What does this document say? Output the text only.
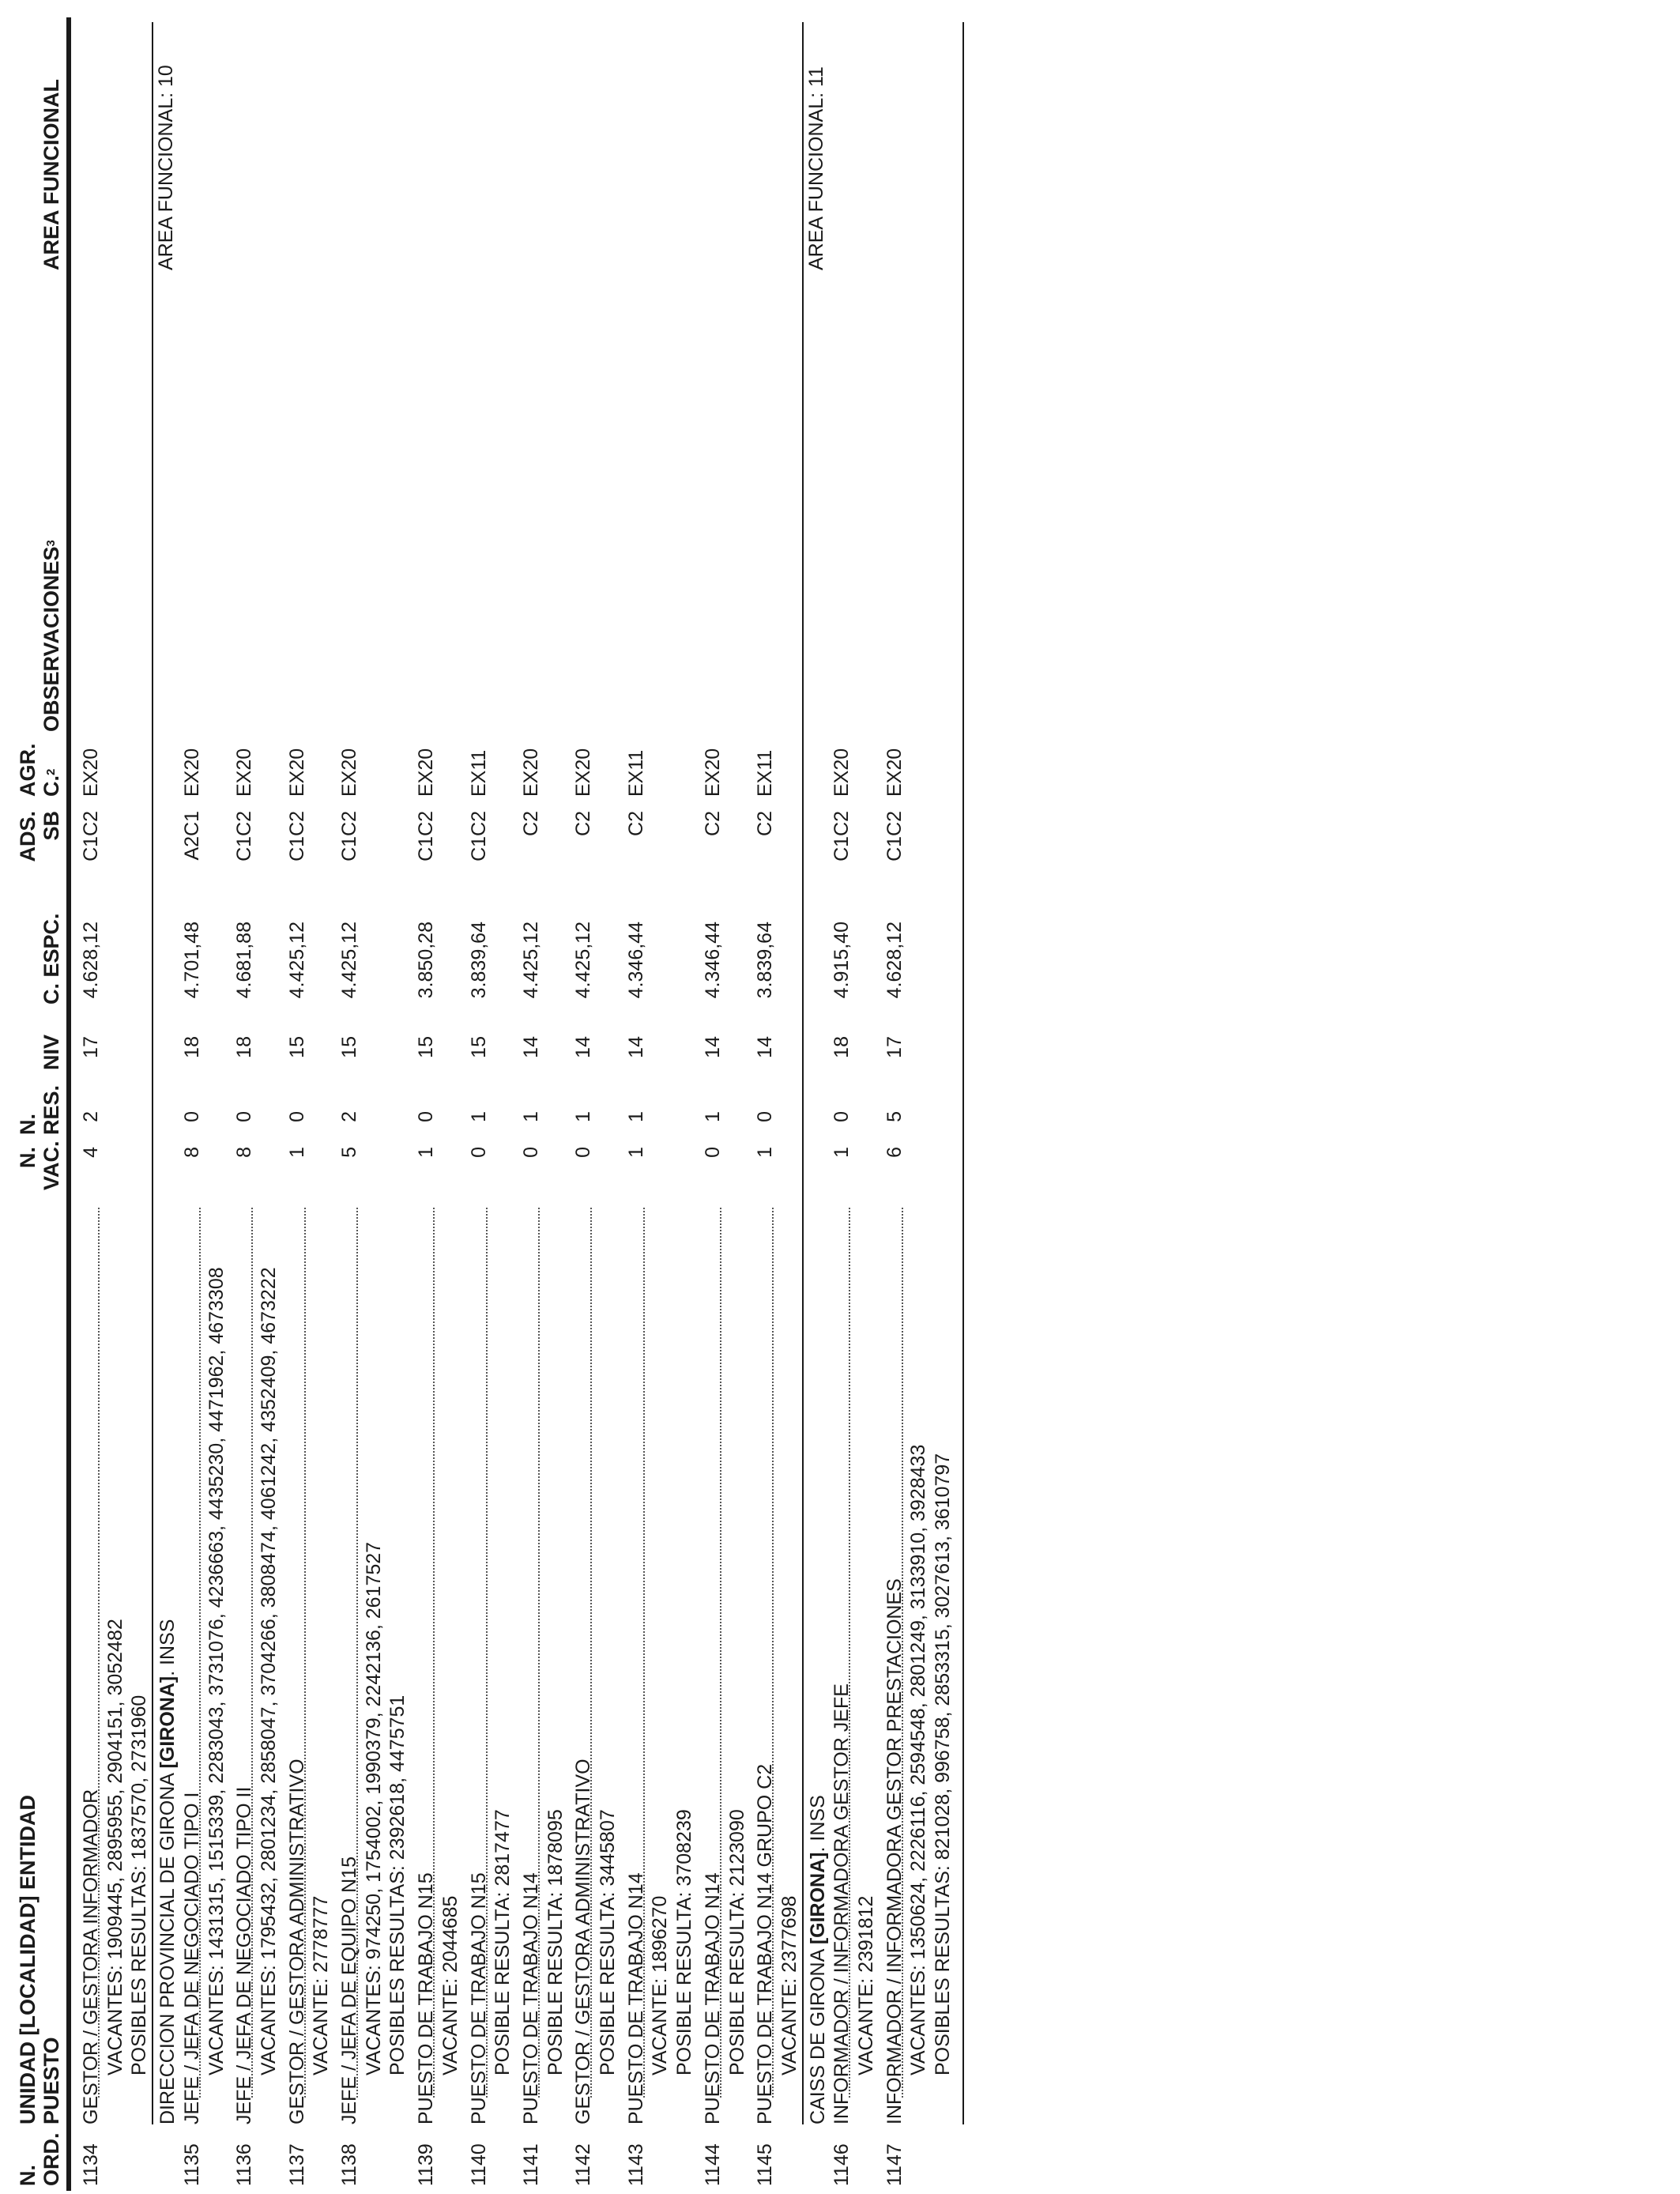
N. ORD.
UNIDAD [LOCALIDAD] ENTIDAD PUESTO
N. VAC.
N. RES.
NIV
C. ESPC.
ADS. SB
AGR. C.$^2$
OBSERVACIONES$^3$
AREA FUNCIONAL
1134
GESTOR / GESTORA INFORMADOR
4
2
17
4.628,12
C1C2
EX20
VACANTES: 1909445, 2895955, 2904151, 3052482 POSIBLES RESULTAS: 1837570, 2731960 DIRECCION PROVINCIAL DE GIRONA [GIRONA]. INSS
AREA FUNCIONAL: 10
1135
JEFE / JEFA DE NEGOCIADO TIPO I
8
0
18
4.701,48
A2C1
EX20
VACANTES: 1431315, 1515339, 2283043, 3731076, 4236663, 4435230, 4471962, 4673308
1136
JEFE / JEFA DE NEGOCIADO TIPO II
8
0
18
4.681,88
C1C2
EX20
VACANTES: 1795432, 2801234, 2858047, 3704266, 3808474, 4061242, 4352409, 4673222
1137
GESTOR / GESTORA ADMINISTRATIVO
1
0
15
4.425,12
C1C2
EX20
VACANTE: 2778777
1138
JEFE / JEFA DE EQUIPO N15
5
2
15
4.425,12
C1C2
EX20
VACANTES: 974250, 1754002, 1990379, 2242136, 2617527 POSIBLES RESULTAS: 2392618, 4475751
1139
PUESTO DE TRABAJO N15
1
0
15
3.850,28
C1C2
EX20
VACANTE: 2044685
1140
PUESTO DE TRABAJO N15
0
1
15
3.839,64
C1C2
EX11
POSIBLE RESULTA: 2817477
1141
PUESTO DE TRABAJO N14
0
1
14
4.425,12
C2
EX20
POSIBLE RESULTA: 1878095
1142
GESTOR / GESTORA ADMINISTRATIVO
0
1
14
4.425,12
C2
EX20
POSIBLE RESULTA: 3445807
1143
PUESTO DE TRABAJO N14
1
1
14
4.346,44
C2
EX11
VACANTE: 1896270 POSIBLE RESULTA: 3708239
1144
PUESTO DE TRABAJO N14
0
1
14
4.346,44
C2
EX20
POSIBLE RESULTA: 2123090
1145
PUESTO DE TRABAJO N14 GRUPO C2
1
0
14
3.839,64
C2
EX11
VACANTE: 2377698 CAISS DE GIRONA [GIRONA]. INSS
AREA FUNCIONAL: 11
1146
INFORMADOR / INFORMADORA GESTOR JEFE
1
0
18
4.915,40
C1C2
EX20
VACANTE: 2391812
1147
INFORMADOR / INFORMADORA GESTOR PRESTACIONES
6
5
17
4.628,12
C1C2
EX20
VACANTES: 1350624, 2226116, 2594548, 2801249, 3133910, 3928433 POSIBLES RESULTAS: 821028, 996758, 2853315, 3027613, 3610797
